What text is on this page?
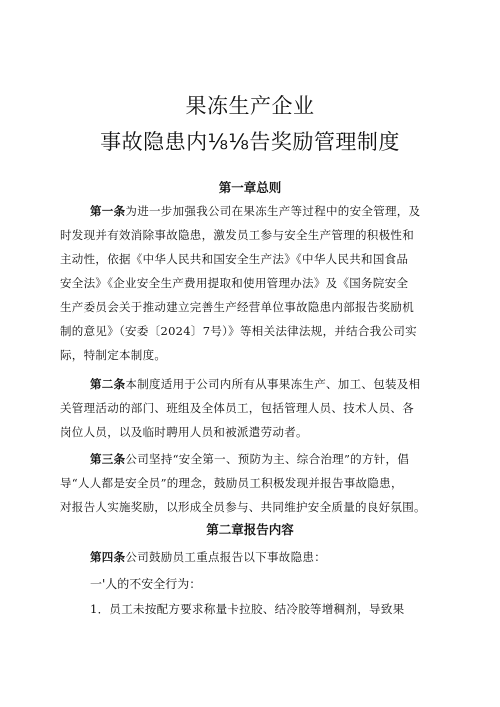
果冻生产企业
事故隐患内⅛⅛告奖励管理制度
第一章总则
第一条为进一步加强我公司在果冻生产等过程中的安全管理，及
时发现并有效消除事故隐患，激发员工参与安全生产管理的积极性和
主动性，依据《中华人民共和国安全生产法》《中华人民共和国食品
安全法》《企业安全生产费用提取和使用管理办法》及《国务院安全
生产委员会关于推动建立完善生产经营单位事故隐患内部报告奖励机
制的意见》（安委〔2024〕7号）》等相关法律法规，并结合我公司实
际，特制定本制度。
第二条本制度适用于公司内所有从事果冻生产、加工、包装及相
关管理活动的部门、班组及全体员工，包括管理人员、技术人员、各
岗位人员，以及临时聘用人员和被派遣劳动者。
第三条公司坚持“安全第一、预防为主、综合治理”的方针，倡
导“人人都是安全员”的理念，鼓励员工积极发现并报告事故隐患，
对报告人实施奖励，以形成全员参与、共同维护安全质量的良好氛围。
第二章报告内容
第四条公司鼓励员工重点报告以下事故隐患：
一'人的不安全行为：
1．员工未按配方要求称量卡拉胶、结冷胶等增稠剂，导致果
